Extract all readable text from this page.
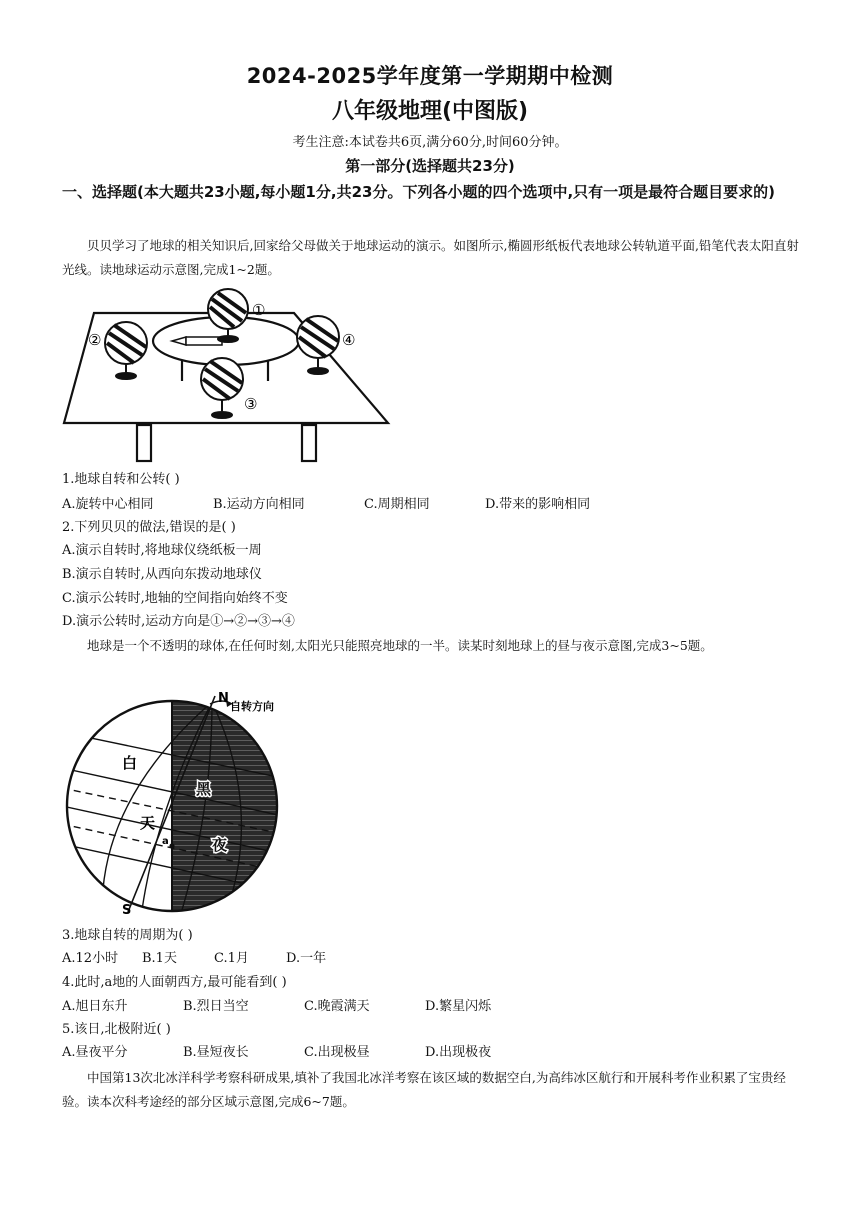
2024-2025学年度第一学期期中检测
八年级地理(中图版)
考生注意:本试卷共6页,满分60分,时间60分钟。
第一部分(选择题共23分)
一、选择题(本大题共23小题,每小题1分,共23分。下列各小题的四个选项中,只有一项是最符合题目要求的)
贝贝学习了地球的相关知识后,回家给父母做关于地球运动的演示。如图所示,椭圆形纸板代表地球公转轨道平面,铅笔代表太阳直射光线。读地球运动示意图,完成1~2题。
①
②
③
④
1.地球自转和公转( )
A.旋转中心相同	B.运动方向相同	C.周期相同	D.带来的影响相同
2.下列贝贝的做法,错误的是( )
A.演示自转时,将地球仪绕纸板一周
B.演示自转时,从西向东拨动地球仪
C.演示公转时,地轴的空间指向始终不变
D.演示公转时,运动方向是①→②→③→④
地球是一个不透明的球体,在任何时刻,太阳光只能照亮地球的一半。读某时刻地球上的昼与夜示意图,完成3~5题。
N
自转方向
S
白
天
黑
夜
a
3.地球自转的周期为( )
A.12小时 B.1天	C.1月	D.一年
4.此时,a地的人面朝西方,最可能看到( )
A.旭日东升	B.烈日当空	C.晚霞满天	D.繁星闪烁
5.该日,北极附近( )
A.昼夜平分	B.昼短夜长	C.出现极昼	D.出现极夜
中国第13次北冰洋科学考察科研成果,填补了我国北冰洋考察在该区域的数据空白,为高纬冰区航行和开展科考作业积累了宝贵经验。读本次科考途经的部分区域示意图,完成6~7题。
